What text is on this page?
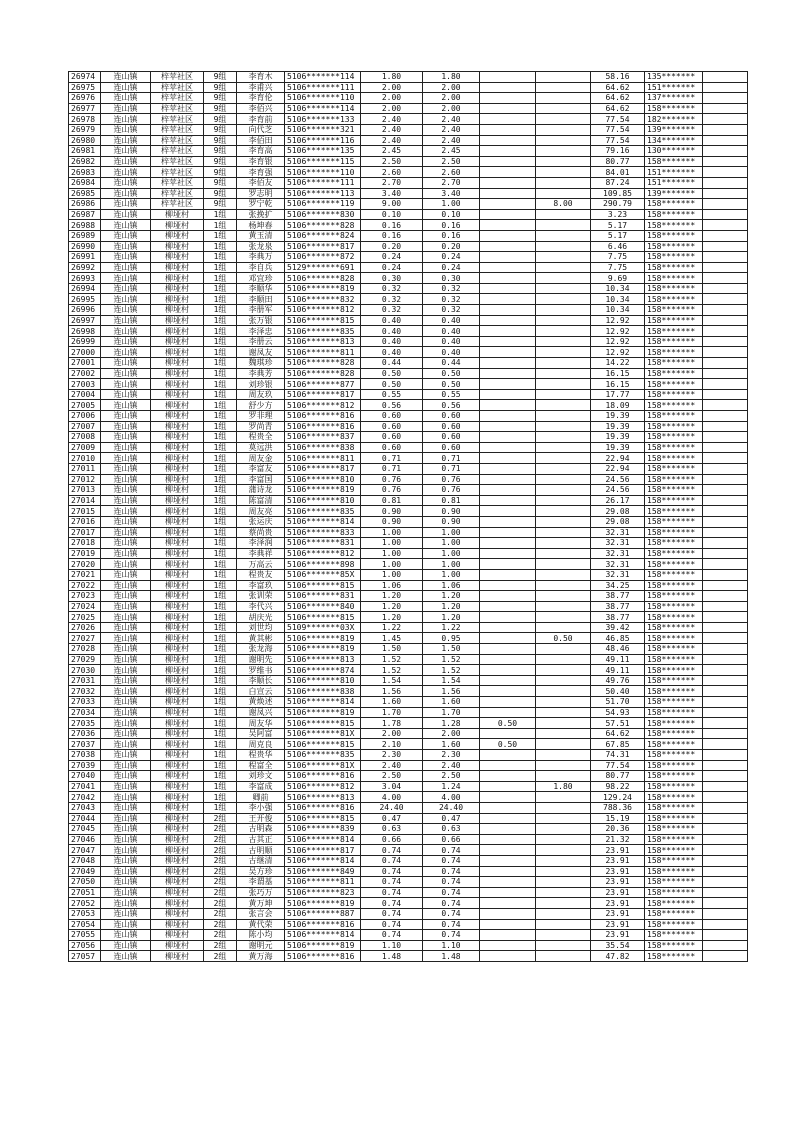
26974	连山镇	梓苹社区	9组	李育木	5106*******114	1.80	1.80			58.16	135*******	
26975	连山镇	梓苹社区	9组	李甫兴	5106*******111	2.00	2.00			64.62	151*******	
26976	连山镇	梓苹社区	9组	李育伦	5106*******110	2.00	2.00			64.62	137*******	
26977	连山镇	梓苹社区	9组	李佰兴	5106*******114	2.00	2.00			64.62	158*******	
26978	连山镇	梓苹社区	9组	李育前	5106*******133	2.40	2.40			77.54	182*******	
26979	连山镇	梓苹社区	9组	向代芝	5106*******321	2.40	2.40			77.54	139*******	
26980	连山镇	梓苹社区	9组	李佰田	5106*******116	2.40	2.40			77.54	134*******	
26981	连山镇	梓苹社区	9组	李育高	5106*******135	2.45	2.45			79.16	130*******	
26982	连山镇	梓苹社区	9组	李育银	5106*******115	2.50	2.50			80.77	158*******	
26983	连山镇	梓苹社区	9组	李育强	5106*******110	2.60	2.60			84.01	151*******	
26984	连山镇	梓苹社区	9组	李佰友	5106*******111	2.70	2.70			87.24	151*******	
26985	连山镇	梓苹社区	9组	罗志明	5106*******113	3.40	3.40			109.85	139*******	
26986	连山镇	梓苹社区	9组	罗宁乾	5106*******119	9.00	1.00		8.00	290.79	158*******	
26987	连山镇	柳垭村	1组	张挽扩	5106*******830	0.10	0.10			3.23	158*******	
26988	连山镇	柳垭村	1组	杨坤春	5106*******828	0.16	0.16			5.17	158*******	
26989	连山镇	柳垭村	1组	黄玉清	5106*******824	0.16	0.16			5.17	158*******	
26990	连山镇	柳垭村	1组	张龙泉	5106*******817	0.20	0.20			6.46	158*******	
26991	连山镇	柳垭村	1组	李典万	5106*******872	0.24	0.24			7.75	158*******	
26992	连山镇	柳垭村	1组	李自兵	5129*******691	0.24	0.24			7.75	158*******	
26993	连山镇	柳垭村	1组	邓宜珍	5106*******828	0.30	0.30			9.69	158*******	
26994	连山镇	柳垭村	1组	李顺华	5106*******819	0.32	0.32			10.34	158*******	
26995	连山镇	柳垭村	1组	李顺田	5106*******832	0.32	0.32			10.34	158*******	
26996	连山镇	柳垭村	1组	李册军	5106*******812	0.32	0.32			10.34	158*******	
26997	连山镇	柳垭村	1组	张万银	5106*******815	0.40	0.40			12.92	158*******	
26998	连山镇	柳垭村	1组	李泽忠	5106*******835	0.40	0.40			12.92	158*******	
26999	连山镇	柳垭村	1组	李册云	5106*******813	0.40	0.40			12.92	158*******	
27000	连山镇	柳垭村	1组	谢凤友	5106*******811	0.40	0.40			12.92	158*******	
27001	连山镇	柳垭村	1组	魏琪珍	5106*******828	0.44	0.44			14.22	158*******	
27002	连山镇	柳垭村	1组	李典芳	5106*******828	0.50	0.50			16.15	158*******	
27003	连山镇	柳垭村	1组	刘珍银	5106*******877	0.50	0.50			16.15	158*******	
27004	连山镇	柳垭村	1组	周友玖	5106*******817	0.55	0.55			17.77	158*******	
27005	连山镇	柳垭村	1组	舒少方	5106*******812	0.56	0.56			18.09	158*******	
27006	连山镇	柳垭村	1组	罗非理	5106*******816	0.60	0.60			19.39	158*******	
27007	连山镇	柳垭村	1组	罗尚青	5106*******816	0.60	0.60			19.39	158*******	
27008	连山镇	柳垭村	1组	程贵全	5106*******837	0.60	0.60			19.39	158*******	
27009	连山镇	柳垭村	1组	莫远洪	5106*******838	0.60	0.60			19.39	158*******	
27010	连山镇	柳垭村	1组	周友金	5106*******811	0.71	0.71			22.94	158*******	
27011	连山镇	柳垭村	1组	李富友	5106*******817	0.71	0.71			22.94	158*******	
27012	连山镇	柳垭村	1组	李富国	5106*******810	0.76	0.76			24.56	158*******	
27013	连山镇	柳垭村	1组	蒲诗龙	5106*******819	0.76	0.76			24.56	158*******	
27014	连山镇	柳垭村	1组	陈富清	5106*******810	0.81	0.81			26.17	158*******	
27015	连山镇	柳垭村	1组	周友亮	5106*******835	0.90	0.90			29.08	158*******	
27016	连山镇	柳垭村	1组	张运庆	5106*******814	0.90	0.90			29.08	158*******	
27017	连山镇	柳垭村	1组	蔡尚贵	5106*******833	1.00	1.00			32.31	158*******	
27018	连山镇	柳垭村	1组	李泽润	5106*******831	1.00	1.00			32.31	158*******	
27019	连山镇	柳垭村	1组	李典祥	5106*******812	1.00	1.00			32.31	158*******	
27020	连山镇	柳垭村	1组	万高云	5106*******898	1.00	1.00			32.31	158*******	
27021	连山镇	柳垭村	1组	程贵友	5106*******85X	1.00	1.00			32.31	158*******	
27022	连山镇	柳垭村	1组	李富玖	5106*******815	1.06	1.06			34.25	158*******	
27023	连山镇	柳垭村	1组	张训荣	5106*******831	1.20	1.20			38.77	158*******	
27024	连山镇	柳垭村	1组	李代兴	5106*******840	1.20	1.20			38.77	158*******	
27025	连山镇	柳垭村	1组	胡庆光	5106*******815	1.20	1.20			38.77	158*******	
27026	连山镇	柳垭村	1组	刘世均	5109*******03X	1.22	1.22			39.42	158*******	
27027	连山镇	柳垭村	1组	黄其彬	5106*******819	1.45	0.95		0.50	46.85	158*******	
27028	连山镇	柳垭村	1组	张龙海	5106*******819	1.50	1.50			48.46	158*******	
27029	连山镇	柳垭村	1组	谢明先	5106*******813	1.52	1.52			49.11	158*******	
27030	连山镇	柳垭村	1组	罗维书	5106*******874	1.52	1.52			49.11	158*******	
27031	连山镇	柳垭村	1组	李顺长	5106*******810	1.54	1.54			49.76	158*******	
27032	连山镇	柳垭村	1组	白宣云	5106*******838	1.56	1.56			50.40	158*******	
27033	连山镇	柳垭村	1组	黄焕述	5106*******814	1.60	1.60			51.70	158*******	
27034	连山镇	柳垭村	1组	谢凤兴	5106*******819	1.70	1.70			54.93	158*******	
27035	连山镇	柳垭村	1组	周友华	5106*******815	1.78	1.28	0.50		57.51	158*******	
27036	连山镇	柳垭村	1组	吴阿富	5106*******81X	2.00	2.00			64.62	158*******	
27037	连山镇	柳垭村	1组	周克良	5106*******815	2.10	1.60	0.50		67.85	158*******	
27038	连山镇	柳垭村	1组	程贵华	5106*******835	2.30	2.30			74.31	158*******	
27039	连山镇	柳垭村	1组	程富全	5106*******81X	2.40	2.40			77.54	158*******	
27040	连山镇	柳垭村	1组	刘珍文	5106*******816	2.50	2.50			80.77	158*******	
27041	连山镇	柳垭村	1组	李富成	5106*******812	3.04	1.24		1.80	98.22	158*******	
27042	连山镇	柳垭村	1组	卿前	5106*******813	4.00	4.00			129.24	158*******	
27043	连山镇	柳垭村	1组	李小强	5106*******816	24.40	24.40			788.36	158*******	
27044	连山镇	柳垭村	2组	王开俊	5106*******815	0.47	0.47			15.19	158*******	
27045	连山镇	柳垭村	2组	古明森	5106*******839	0.63	0.63			20.36	158*******	
27046	连山镇	柳垭村	2组	古其正	5106*******814	0.66	0.66			21.32	158*******	
27047	连山镇	柳垭村	2组	古明顺	5106*******817	0.74	0.74			23.91	158*******	
27048	连山镇	柳垭村	2组	古继清	5106*******814	0.74	0.74			23.91	158*******	
27049	连山镇	柳垭村	2组	吴方珍	5106*******849	0.74	0.74			23.91	158*******	
27050	连山镇	柳垭村	2组	李谓基	5106*******811	0.74	0.74			23.91	158*******	
27051	连山镇	柳垭村	2组	张巧万	5106*******823	0.74	0.74			23.91	158*******	
27052	连山镇	柳垭村	2组	黄万坤	5106*******819	0.74	0.74			23.91	158*******	
27053	连山镇	柳垭村	2组	张言会	5106*******887	0.74	0.74			23.91	158*******	
27054	连山镇	柳垭村	2组	黄代荣	5106*******816	0.74	0.74			23.91	158*******	
27055	连山镇	柳垭村	2组	陈小均	5106*******814	0.74	0.74			23.91	158*******	
27056	连山镇	柳垭村	2组	谢明元	5106*******819	1.10	1.10			35.54	158*******	
27057	连山镇	柳垭村	2组	黄万海	5106*******816	1.48	1.48			47.82	158*******	
